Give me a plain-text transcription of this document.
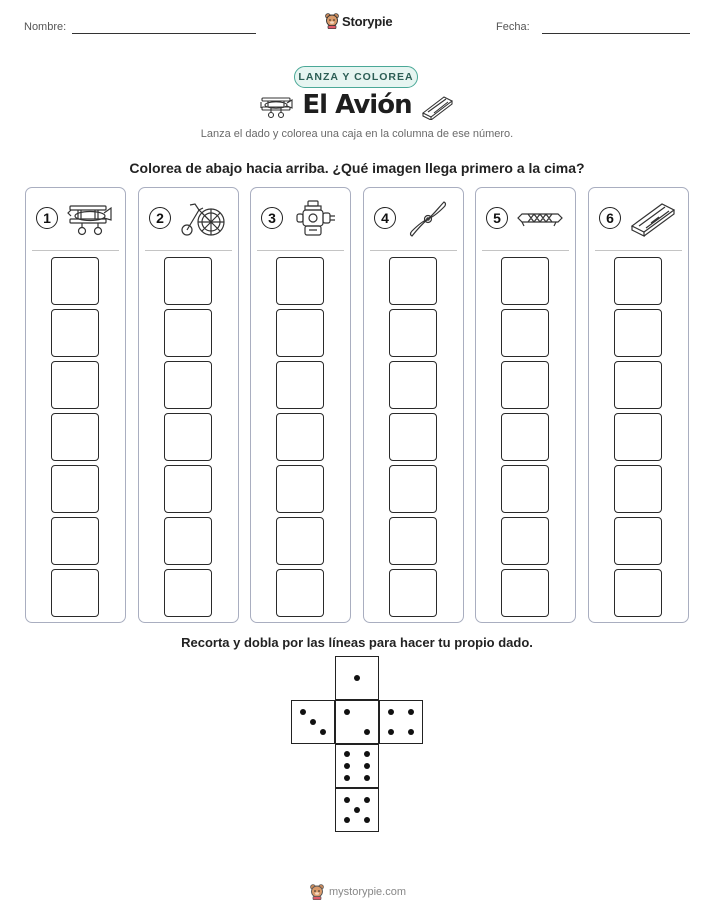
Nombre:	Storypie	Fecha:
LANZA Y COLOREA
El Avión
Lanza el dado y colorea una caja en la columna de ese número.
Colorea de abajo hacia arriba. ¿Qué imagen llega primero a la cima?
1	2	3	4	5	6
Recorta y dobla por las líneas para hacer tu propio dado.
mystorypie.com
